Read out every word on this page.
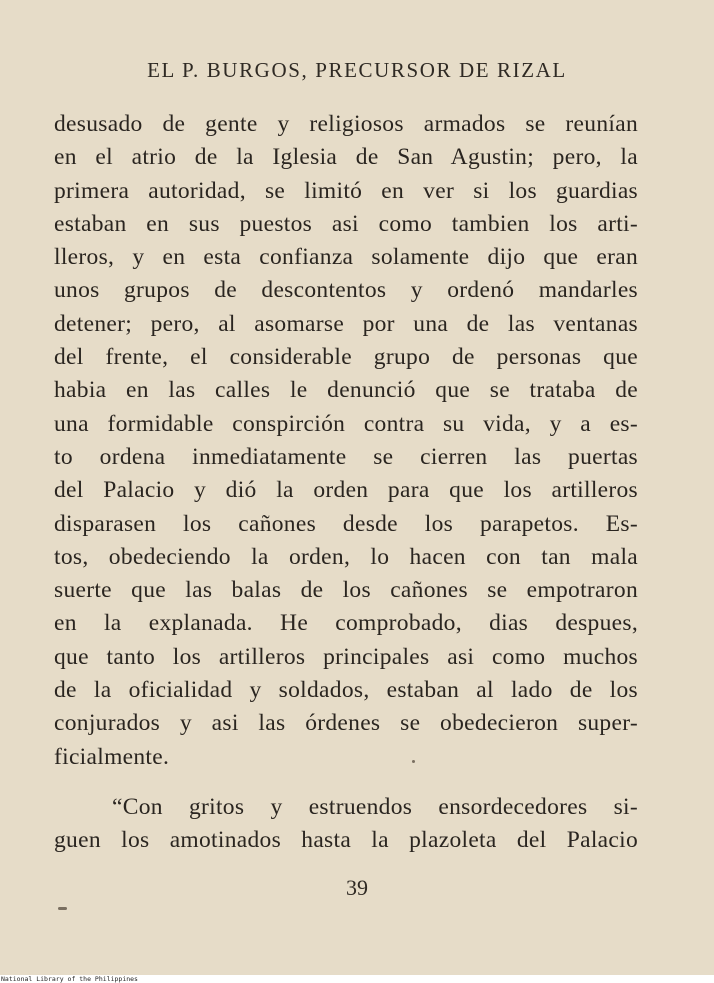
EL P. BURGOS, PRECURSOR DE RIZAL
desusado de gente y religiosos armados se reunían
en el atrio de la Iglesia de San Agustin; pero, la
primera autoridad, se limitó en ver si los guardias
estaban en sus puestos asi como tambien los arti-
lleros, y en esta confianza solamente dijo que eran
unos grupos de descontentos y ordenó mandarles
detener; pero, al asomarse por una de las ventanas
del frente, el considerable grupo de personas que
habia en las calles le denunció que se trataba de
una formidable conspirción contra su vida, y a es-
to ordena inmediatamente se cierren las puertas
del Palacio y dió la orden para que los artilleros
disparasen los cañones desde los parapetos. Es-
tos, obedeciendo la orden, lo hacen con tan mala
suerte que las balas de los cañones se empotraron
en la explanada. He comprobado, dias despues,
que tanto los artilleros principales asi como muchos
de la oficialidad y soldados, estaban al lado de los
conjurados y asi las órdenes se obedecieron super-
ficialmente.
“Con gritos y estruendos ensordecedores si-
guen los amotinados hasta la plazoleta del Palacio
39
National Library of the Philippines
